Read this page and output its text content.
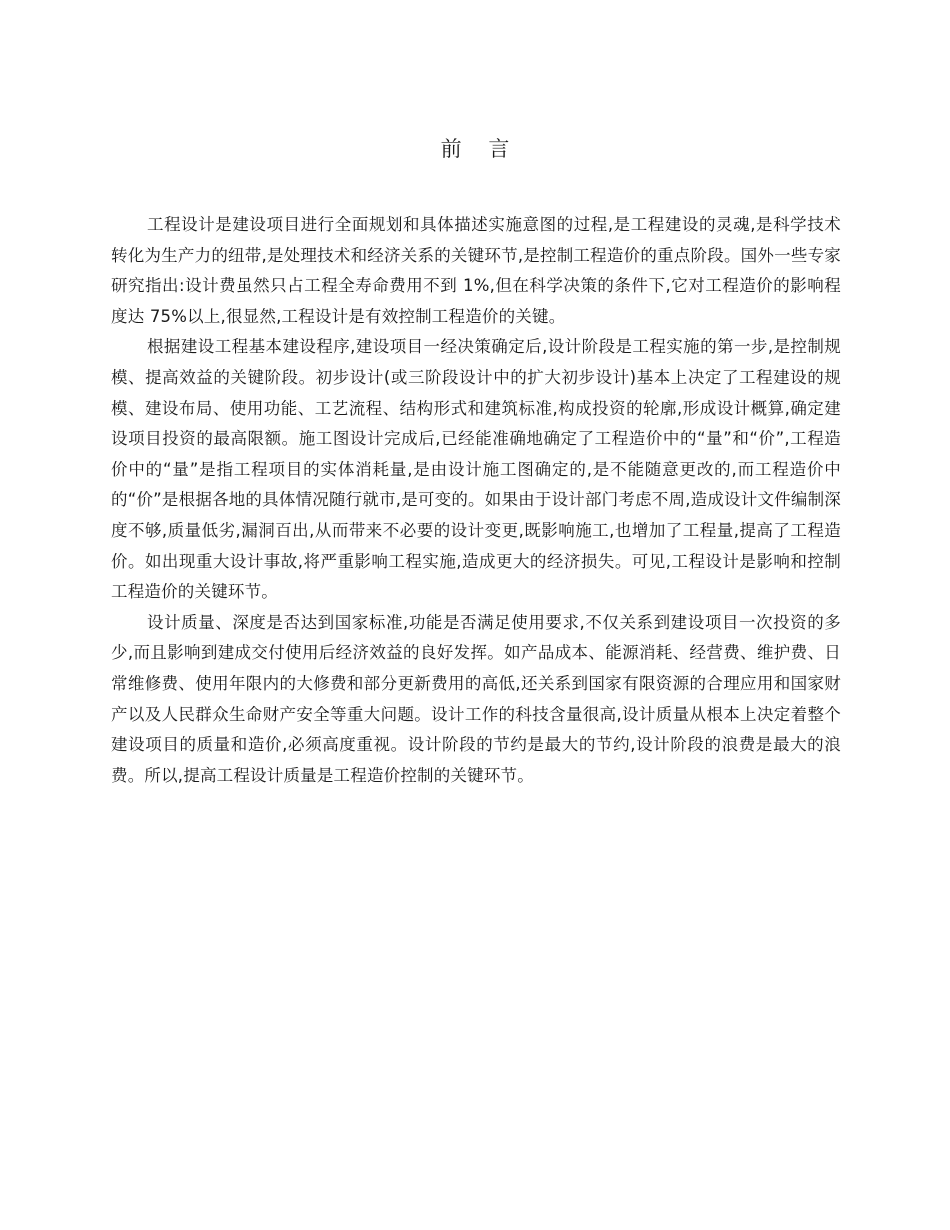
前 言

工程设计是建设项目进行全面规划和具体描述实施意图的过程,是工程建设的灵魂,是科学技术转化为生产力的纽带,是处理技术和经济关系的关键环节,是控制工程造价的重点阶段。国外一些专家研究指出:设计费虽然只占工程全寿命费用不到 1%,但在科学决策的条件下,它对工程造价的影响程度达 75%以上,很显然,工程设计是有效控制工程造价的关键。

根据建设工程基本建设程序,建设项目一经决策确定后,设计阶段是工程实施的第一步,是控制规模、提高效益的关键阶段。初步设计(或三阶段设计中的扩大初步设计)基本上决定了工程建设的规模、建设布局、使用功能、工艺流程、结构形式和建筑标准,构成投资的轮廓,形成设计概算,确定建设项目投资的最高限额。施工图设计完成后,已经能准确地确定了工程造价中的“量”和“价”,工程造价中的“量”是指工程项目的实体消耗量,是由设计施工图确定的,是不能随意更改的,而工程造价中的“价”是根据各地的具体情况随行就市,是可变的。如果由于设计部门考虑不周,造成设计文件编制深度不够,质量低劣,漏洞百出,从而带来不必要的设计变更,既影响施工,也增加了工程量,提高了工程造价。如出现重大设计事故,将严重影响工程实施,造成更大的经济损失。可见,工程设计是影响和控制工程造价的关键环节。

设计质量、深度是否达到国家标准,功能是否满足使用要求,不仅关系到建设项目一次投资的多少,而且影响到建成交付使用后经济效益的良好发挥。如产品成本、能源消耗、经营费、维护费、日常维修费、使用年限内的大修费和部分更新费用的高低,还关系到国家有限资源的合理应用和国家财产以及人民群众生命财产安全等重大问题。设计工作的科技含量很高,设计质量从根本上决定着整个建设项目的质量和造价,必须高度重视。设计阶段的节约是最大的节约,设计阶段的浪费是最大的浪费。所以,提高工程设计质量是工程造价控制的关键环节。
